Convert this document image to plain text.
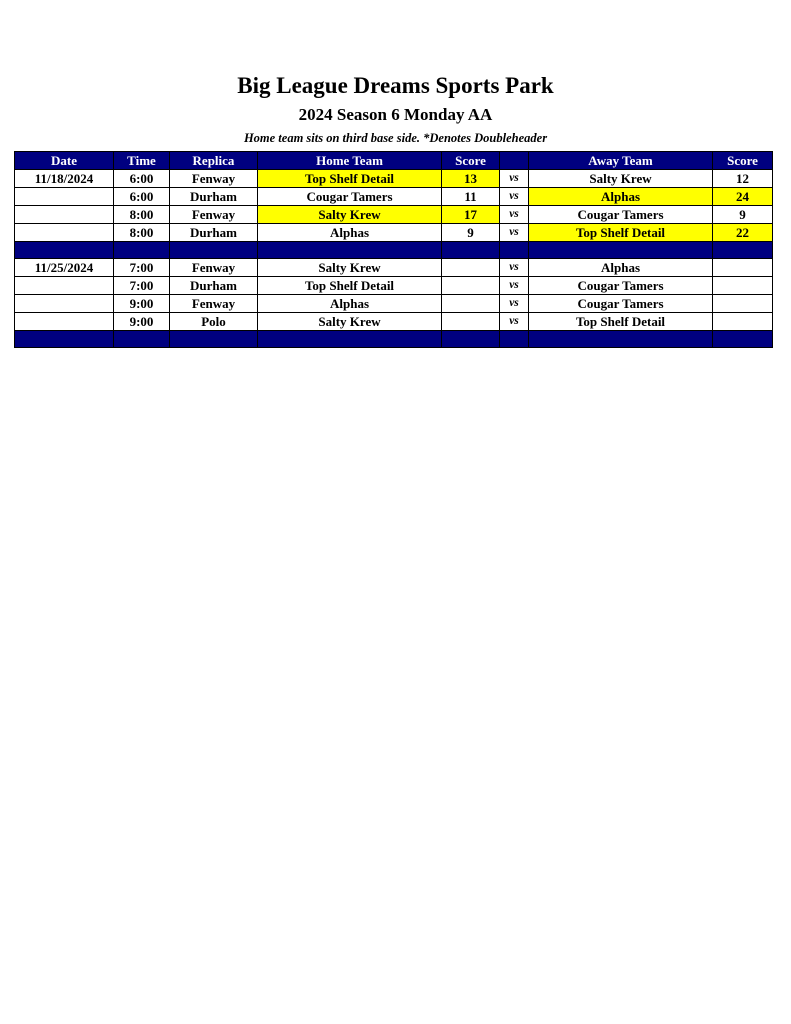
Big League Dreams Sports Park
2024 Season 6 Monday AA
Home team sits on third base side. *Denotes Doubleheader
Date	Time	Replica	Home Team	Score		Away Team	Score
11/18/2024	6:00	Fenway	Top Shelf Detail	13	vs	Salty Krew	12
	6:00	Durham	Cougar Tamers	11	vs	Alphas	24
	8:00	Fenway	Salty Krew	17	vs	Cougar Tamers	9
	8:00	Durham	Alphas	9	vs	Top Shelf Detail	22

11/25/2024	7:00	Fenway	Salty Krew		vs	Alphas	
	7:00	Durham	Top Shelf Detail		vs	Cougar Tamers	
	9:00	Fenway	Alphas		vs	Cougar Tamers	
	9:00	Polo	Salty Krew		vs	Top Shelf Detail	
